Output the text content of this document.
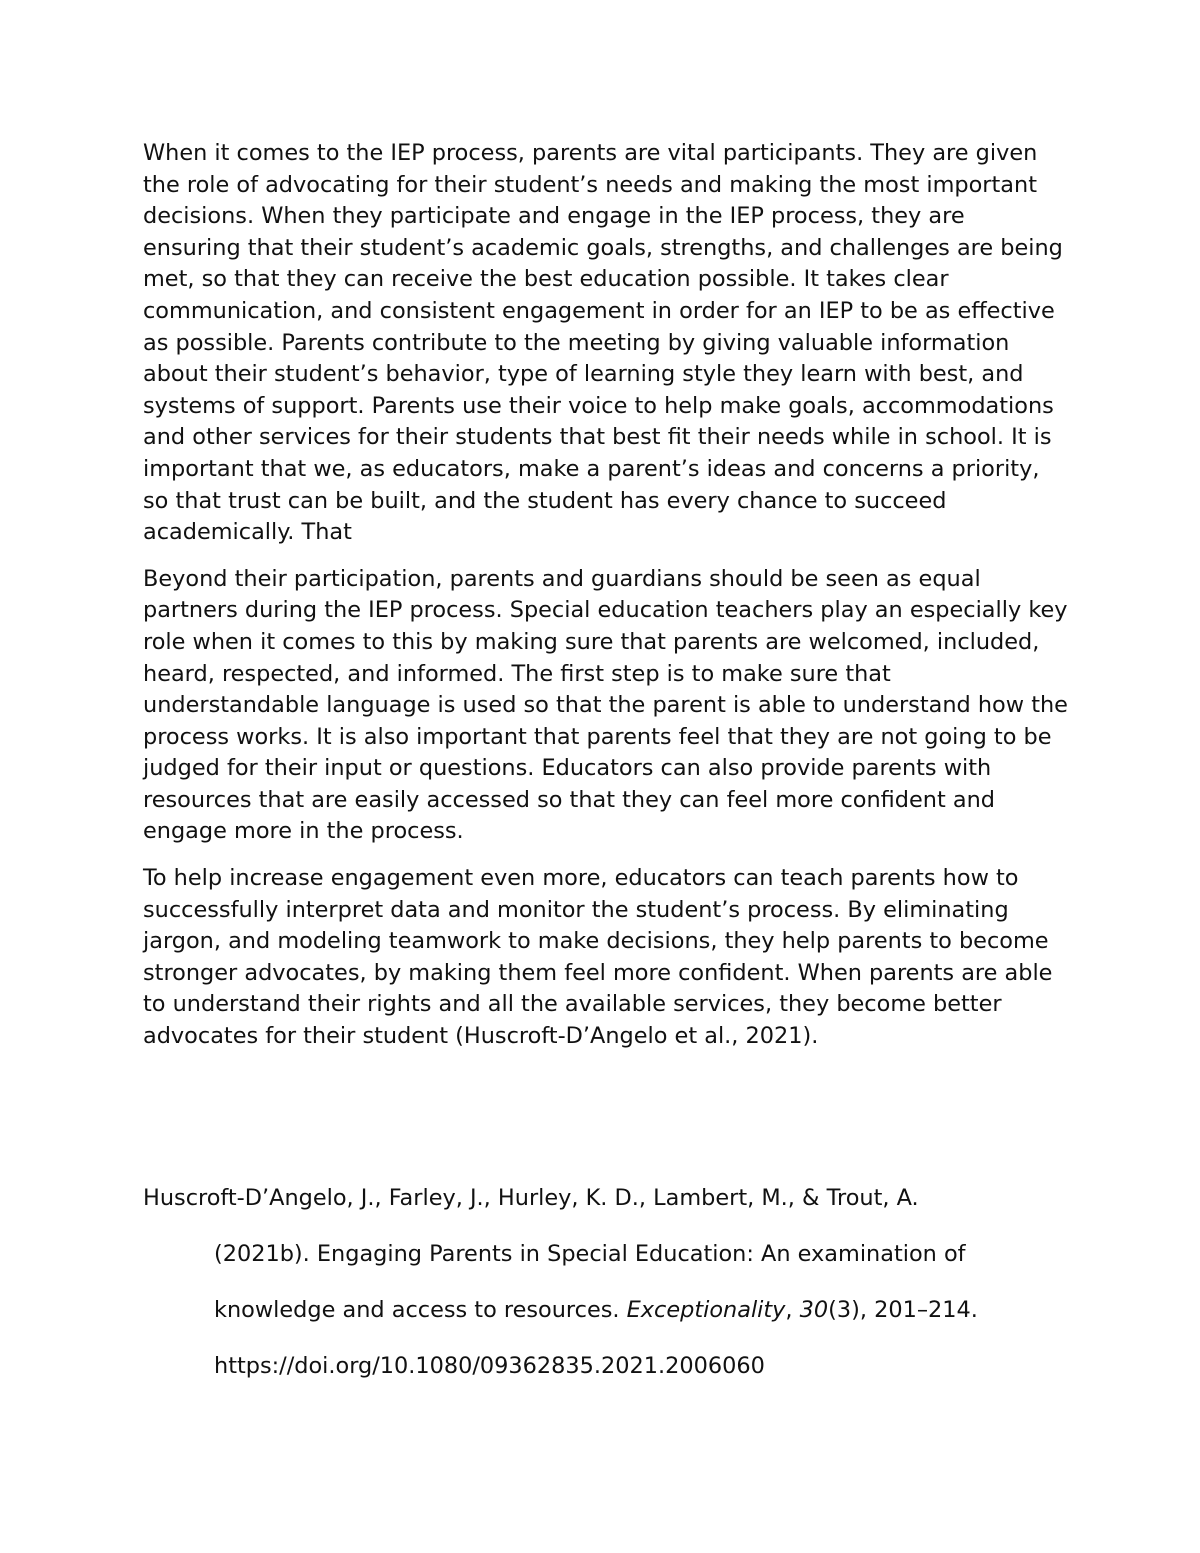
When it comes to the IEP process, parents are vital participants. They are given the role of advocating for their student’s needs and making the most important decisions. When they participate and engage in the IEP process, they are ensuring that their student’s academic goals, strengths, and challenges are being met, so that they can receive the best education possible. It takes clear communication, and consistent engagement in order for an IEP to be as effective as possible. Parents contribute to the meeting by giving valuable information about their student’s behavior, type of learning style they learn with best, and systems of support. Parents use their voice to help make goals, accommodations and other services for their students that best fit their needs while in school. It is important that we, as educators, make a parent’s ideas and concerns a priority, so that trust can be built, and the student has every chance to succeed academically. That

Beyond their participation, parents and guardians should be seen as equal partners during the IEP process. Special education teachers play an especially key role when it comes to this by making sure that parents are welcomed, included, heard, respected, and informed. The first step is to make sure that understandable language is used so that the parent is able to understand how the process works. It is also important that parents feel that they are not going to be judged for their input or questions. Educators can also provide parents with resources that are easily accessed so that they can feel more confident and engage more in the process.

To help increase engagement even more, educators can teach parents how to successfully interpret data and monitor the student’s process. By eliminating jargon, and modeling teamwork to make decisions, they help parents to become stronger advocates, by making them feel more confident. When parents are able to understand their rights and all the available services, they become better advocates for their student (Huscroft-D’Angelo et al., 2021).

Huscroft-D’Angelo, J., Farley, J., Hurley, K. D., Lambert, M., & Trout, A.

(2021b). Engaging Parents in Special Education: An examination of

knowledge and access to resources. Exceptionality, 30(3), 201–214.

https://doi.org/10.1080/09362835.2021.2006060
